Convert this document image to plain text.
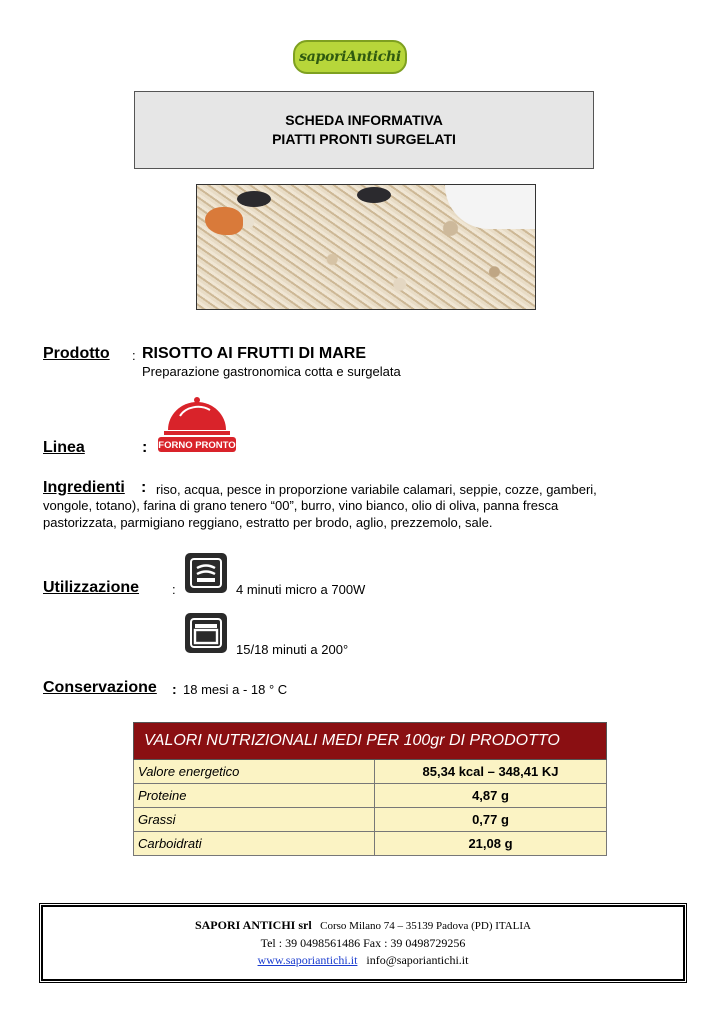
saporiAntichi
SCHEDA INFORMATIVA
PIATTI PRONTI SURGELATI
Prodotto : RISOTTO AI FRUTTI DI MARE
Preparazione gastronomica cotta e surgelata
Linea	: FORNO PRONTO
Ingredienti : riso, acqua, pesce in proporzione variabile calamari, seppie, cozze, gamberi,
vongole, totano), farina di grano tenero “00”, burro, vino bianco, olio di oliva, panna fresca
pastorizzata, parmigiano reggiano, estratto per brodo, aglio, prezzemolo, sale.
Utilizzazione	:	4 minuti micro a 700W
15/18 minuti a 200°
Conservazione : 18 mesi a - 18 ° C
VALORI NUTRIZIONALI MEDI PER 100gr DI PRODOTTO	
Valore energetico	85,34 kcal – 348,41 KJ
Proteine	4,87 g
Grassi	0,77 g
Carboidrati	21,08 g
SAPORI ANTICHI srl Corso Milano 74 – 35139 Padova (PD) ITALIA
Tel : 39 0498561486 Fax : 39 0498729256
www.saporiantichi.it info@saporiantichi.it
